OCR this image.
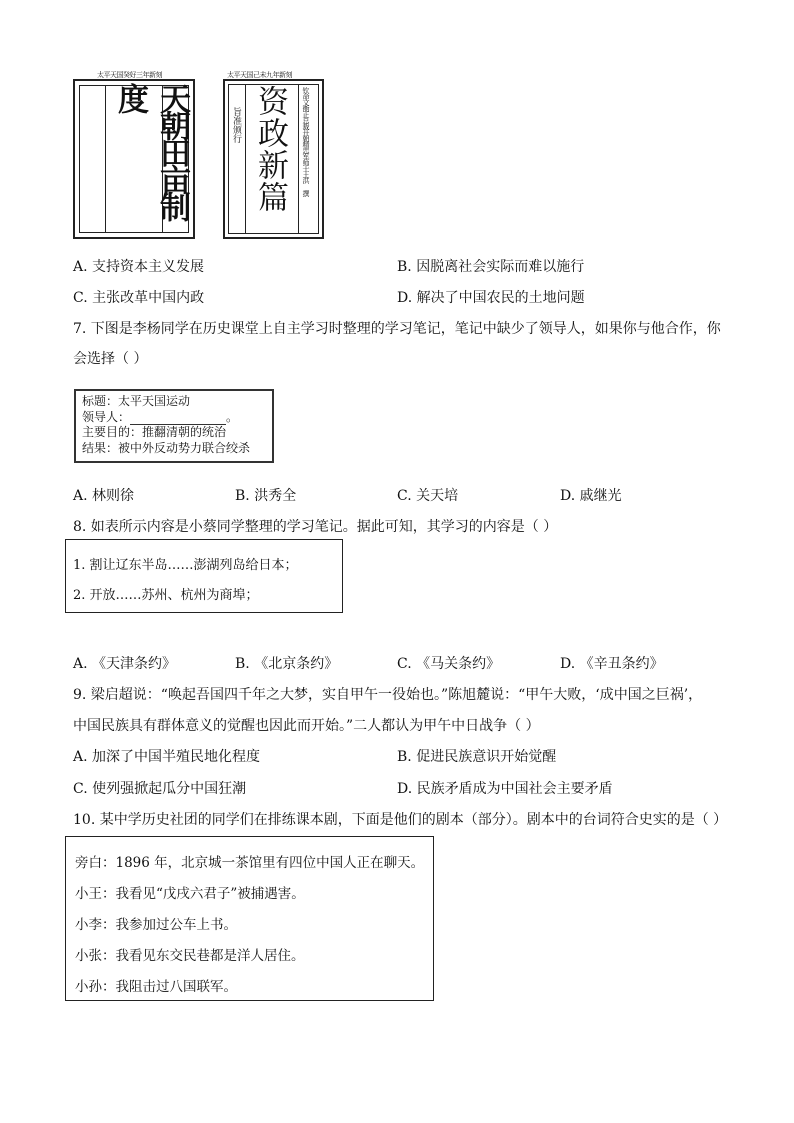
太平天国癸好三年新刻
天朝田亩制度
太平天国己未九年新刻
旨准颁行 资政新篇	钦命文衡正总裁开朝精忠军师干王洪 撰
A. 支持资本主义发展	B. 因脱离社会实际而难以施行
C. 主张改革中国内政	D. 解决了中国农民的土地问题
7. 下图是李杨同学在历史课堂上自主学习时整理的学习笔记，笔记中缺少了领导人，如果你与他合作，你
会选择（ ）
标题：太平天国运动
领导人：	。
主要目的：推翻清朝的统治
结果：被中外反动势力联合绞杀
A. 林则徐	B. 洪秀全	C. 关天培	D. 戚继光
8. 如表所示内容是小蔡同学整理的学习笔记。据此可知，其学习的内容是（ ）
1. 割让辽东半岛……澎湖列岛给日本；
2. 开放……苏州、杭州为商埠；
A. 《天津条约》	B. 《北京条约》	C. 《马关条约》	D. 《辛丑条约》
9. 梁启超说：“唤起吾国四千年之大梦，实自甲午一役始也。”陈旭麓说：“甲午大败，‘成中国之巨祸’，
中国民族具有群体意义的觉醒也因此而开始。”二人都认为甲午中日战争（ ）
A. 加深了中国半殖民地化程度	B. 促进民族意识开始觉醒
C. 使列强掀起瓜分中国狂潮	D. 民族矛盾成为中国社会主要矛盾
10. 某中学历史社团的同学们在排练课本剧，下面是他们的剧本（部分）。剧本中的台词符合史实的是（ ）
旁白：1896 年，北京城一茶馆里有四位中国人正在聊天。
小王：我看见“戊戌六君子”被捕遇害。
小李：我参加过公车上书。
小张：我看见东交民巷都是洋人居住。
小孙：我阻击过八国联军。
